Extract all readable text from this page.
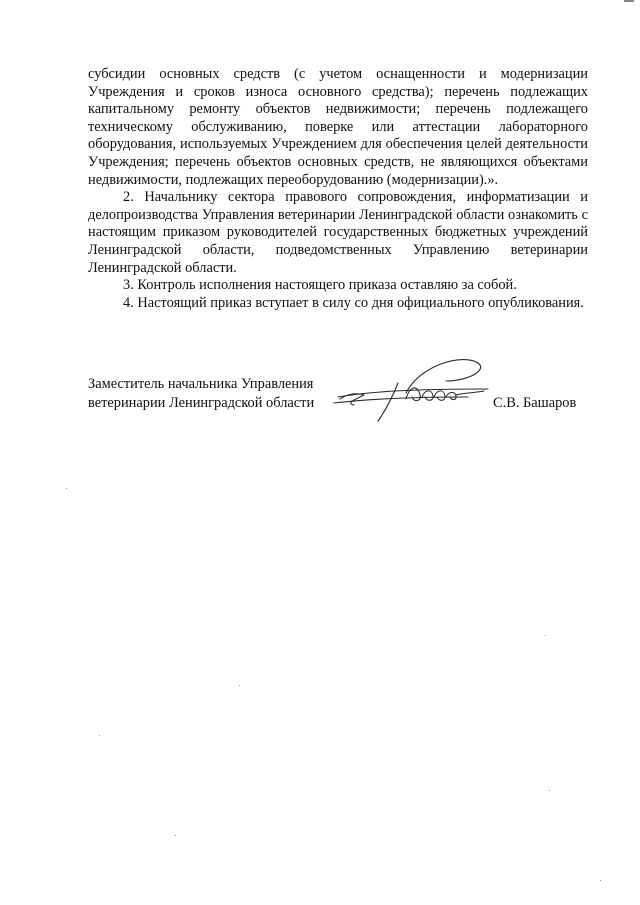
субсидии основных средств (с учетом оснащенности и модернизации Учреждения и сроков износа основного средства); перечень подлежащих капитальному ремонту объектов недвижимости; перечень подлежащего техническому обслуживанию, поверке или аттестации лабораторного оборудования, используемых Учреждением для обеспечения целей деятельности Учреждения; перечень объектов основных средств, не являющихся объектами недвижимости, подлежащих переоборудованию (модернизации).».

2. Начальнику сектора правового сопровождения, информатизации и делопроизводства Управления ветеринарии Ленинградской области ознакомить с настоящим приказом руководителей государственных бюджетных учреждений Ленинградской области, подведомственных Управлению ветеринарии Ленинградской области.

3. Контроль исполнения настоящего приказа оставляю за собой.

4. Настоящий приказ вступает в силу со дня официального опубликования.

Заместитель начальника Управления
ветеринарии Ленинградской области	С.В. Башаров
